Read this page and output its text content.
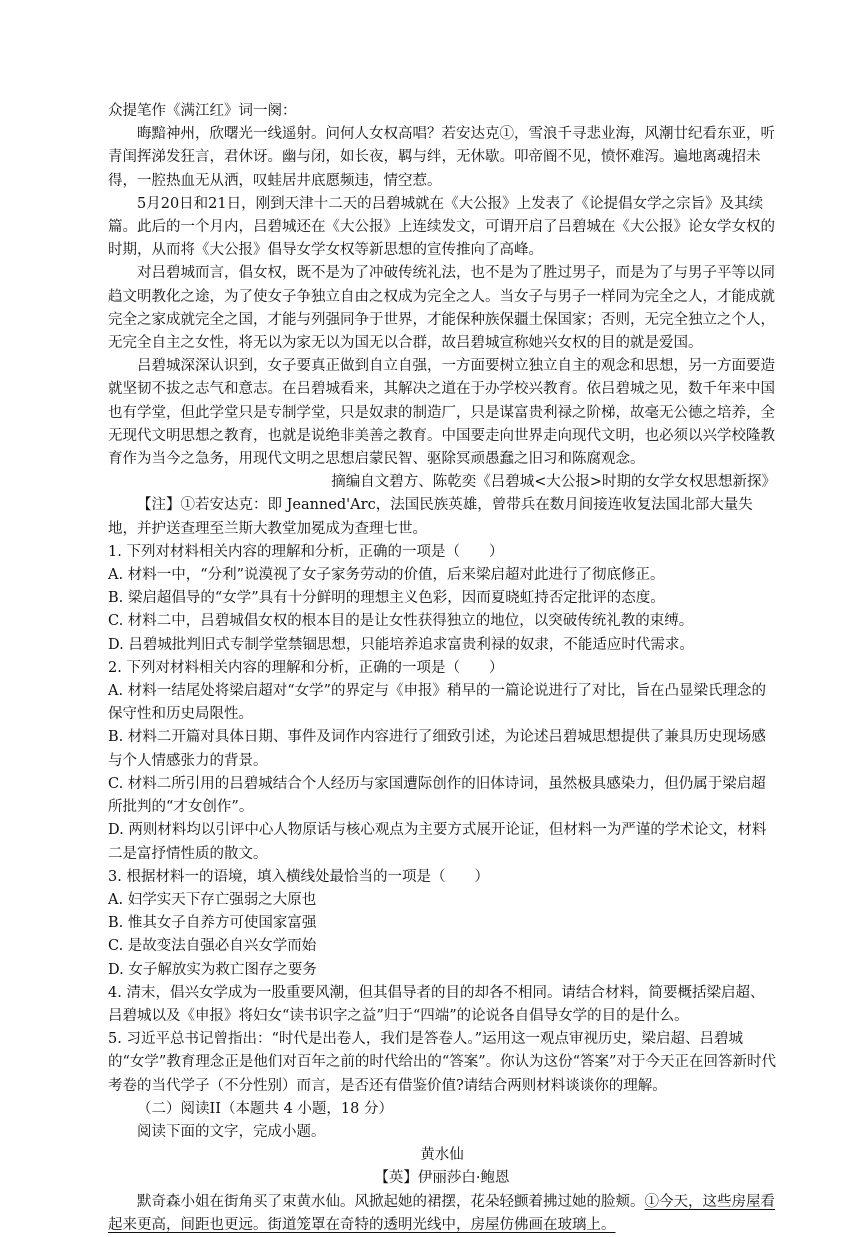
众提笔作《满江红》词一阕：

晦黯神州，欣曙光一线遥射。问何人女权高唱？若安达克①，雪浪千寻悲业海，风潮廿纪看东亚，听青闺挥涕发狂言，君休讶。幽与闭，如长夜，羁与绊，无休歇。叩帝阍不见，愤怀难泻。遍地离魂招未得，一腔热血无从洒，叹蛙居井底愿频违，情空惹。

5月20日和21日，刚到天津十二天的吕碧城就在《大公报》上发表了《论提倡女学之宗旨》及其续篇。此后的一个月内，吕碧城还在《大公报》上连续发文，可谓开启了吕碧城在《大公报》论女学女权的时期，从而将《大公报》倡导女学女权等新思想的宣传推向了高峰。

对吕碧城而言，倡女权，既不是为了冲破传统礼法，也不是为了胜过男子，而是为了与男子平等以同趋文明教化之途，为了使女子争独立自由之权成为完全之人。当女子与男子一样同为完全之人，才能成就完全之家成就完全之国，才能与列强同争于世界，才能保种族保疆土保国家；否则，无完全独立之个人，无完全自主之女性，将无以为家无以为国无以合群，故吕碧城宣称她兴女权的目的就是爱国。

吕碧城深深认识到，女子要真正做到自立自强，一方面要树立独立自主的观念和思想，另一方面要造就坚韧不拔之志气和意志。在吕碧城看来，其解决之道在于办学校兴教育。依吕碧城之见，数千年来中国也有学堂，但此学堂只是专制学堂，只是奴隶的制造厂，只是谋富贵利禄之阶梯，故毫无公德之培养，全无现代文明思想之教育，也就是说绝非美善之教育。中国要走向世界走向现代文明，也必须以兴学校隆教育作为当今之急务，用现代文明之思想启蒙民智、驱除冥顽愚蠢之旧习和陈腐观念。

摘编自文碧方、陈乾奕《吕碧城<大公报>时期的女学女权思想新探》

【注】①若安达克：即 Jeanned'Arc，法国民族英雄，曾带兵在数月间接连收复法国北部大量失地，并护送查理至兰斯大教堂加冕成为查理七世。

1. 下列对材料相关内容的理解和分析，正确的一项是（　　）

A. 材料一中，“分利”说漠视了女子家务劳动的价值，后来梁启超对此进行了彻底修正。

B. 梁启超倡导的“女学”具有十分鲜明的理想主义色彩，因而夏晓虹持否定批评的态度。

C. 材料二中，吕碧城倡女权的根本目的是让女性获得独立的地位，以突破传统礼教的束缚。

D. 吕碧城批判旧式专制学堂禁锢思想，只能培养追求富贵利禄的奴隶，不能适应时代需求。

2. 下列对材料相关内容的理解和分析，正确的一项是（　　）

A. 材料一结尾处将梁启超对“女学”的界定与《申报》稍早的一篇论说进行了对比，旨在凸显梁氏理念的保守性和历史局限性。

B. 材料二开篇对具体日期、事件及词作内容进行了细致引述，为论述吕碧城思想提供了兼具历史现场感与个人情感张力的背景。

C. 材料二所引用的吕碧城结合个人经历与家国遭际创作的旧体诗词，虽然极具感染力，但仍属于梁启超所批判的“才女创作”。

D. 两则材料均以引评中心人物原话与核心观点为主要方式展开论证，但材料一为严谨的学术论文，材料二是富抒情性质的散文。

3. 根据材料一的语境，填入横线处最恰当的一项是（　　）

A. 妇学实天下存亡强弱之大原也

B. 惟其女子自养方可使国家富强

C. 是故变法自强必自兴女学而始

D. 女子解放实为救亡图存之要务

4. 清末，倡兴女学成为一股重要风潮，但其倡导者的目的却各不相同。请结合材料，简要概括梁启超、吕碧城以及《申报》将妇女“读书识字之益”归于“四端”的论说各自倡导女学的目的是什么。

5. 习近平总书记曾指出：“时代是出卷人，我们是答卷人。”运用这一观点审视历史，梁启超、吕碧城的“女学”教育理念正是他们对百年之前的时代给出的“答案”。你认为这份“答案”对于今天正在回答新时代考卷的当代学子（不分性别）而言，是否还有借鉴价值?请结合两则材料谈谈你的理解。

（二）阅读II（本题共 4 小题，18 分）

阅读下面的文字，完成小题。

黄水仙

【英】伊丽莎白·鲍恩

默奇森小姐在街角买了束黄水仙。风掀起她的裙摆，花朵轻颤着拂过她的脸颊。①今天，这些房屋看起来更高，间距也更远。街道笼罩在奇特的透明光线中，房屋仿佛画在玻璃上。
